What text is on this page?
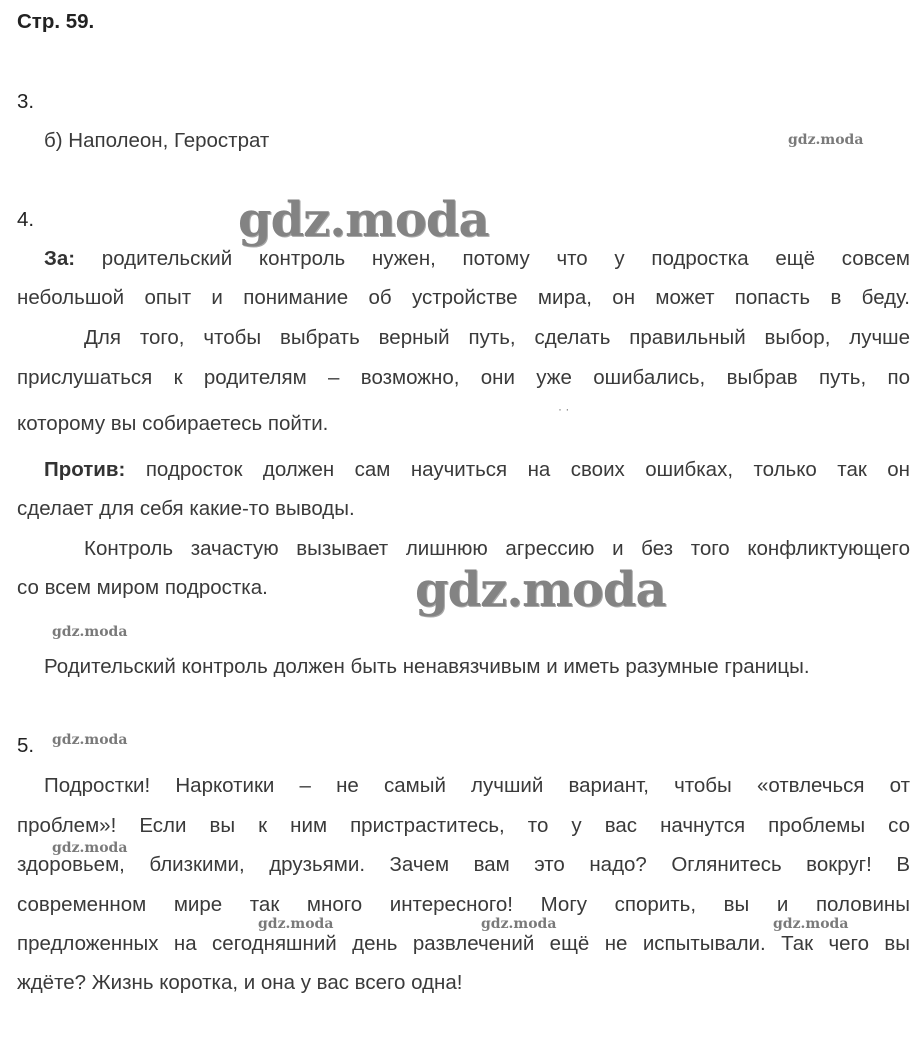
Стр. 59.
3.
б) Наполеон, Герострат
4.
За: родительский контроль нужен, потому что у подростка ещё совсем
небольшой опыт и понимание об устройстве мира, он может попасть в беду.
Для того, чтобы выбрать верный путь, сделать правильный выбор, лучше
прислушаться к родителям – возможно, они уже ошибались, выбрав путь, по
которому вы собираетесь пойти.
Против: подросток должен сам научиться на своих ошибках, только так он
сделает для себя какие-то выводы.
Контроль зачастую вызывает лишнюю агрессию и без того конфликтующего
со всем миром подростка.
Родительский контроль должен быть ненавязчивым и иметь разумные границы.
5.
Подростки! Наркотики – не самый лучший вариант, чтобы «отвлечься от
проблем»! Если вы к ним пристраститесь, то у вас начнутся проблемы со
здоровьем, близкими, друзьями. Зачем вам это надо? Оглянитесь вокруг! В
современном мире так много интересного! Могу спорить, вы и половины
предложенных на сегодняшний день развлечений ещё не испытывали. Так чего вы
ждёте? Жизнь коротка, и она у вас всего одна!
gdz.moda
gdz.moda
· ·
gdz.moda
gdz.moda
gdz.moda
gdz.moda
gdz.moda	gdz.moda	gdz.moda
